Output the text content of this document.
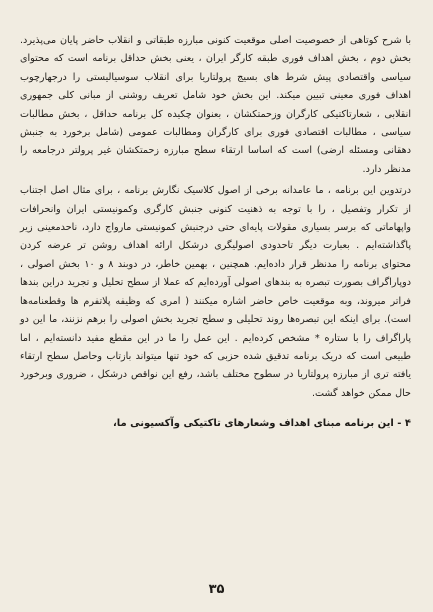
با شرح کوتاهی از خصوصیت اصلی موقعیت کنونی مبارزه طبقاتی و انقلاب حاضر پایان می‌پذیرد. بخش دوم ، بخش اهداف فوری طبقه کارگر ایران ، یعنی بخش حداقل برنامه است که محتوای سیاسی واقتصادی پیش شرط های بسیج پرولتاریا برای انقلاب سوسیالیستی را درجهارچوب اهداف فوری معینی تبیین میکند. این بخش خود شامل تعریف روشنی از مبانی کلی جمهوری انقلابی ، شعارتاکتیکی کارگران وزحمتکشان ، بعنوان چکیده کل برنامه حداقل ، بخش مطالبات سیاسی ، مطالبات اقتصادی فوری برای کارگران ومطالبات عمومی (شامل برخورد به جنبش دهقانی ومسئله ارضی) است که اساسا ارتقاء سطح مبارزه زحمتکشان غیر پرولتر درجامعه را مدنظر دارد.

درتدوین این برنامه ، ما عامدانه برخی از اصول کلاسیک نگارش برنامه ، برای مثال اصل اجتناب از تکرار وتفصیل ، را با توجه به ذهنیت کنونی جنبش کارگری وکمونیستی ایران وانحرافات واپهاماتی که برسر بسیاری مقولات پایه‌ای حتی درجنبش کمونیستی مارواج دارد، ناحدمعینی زیر پاگذاشته‌ایم . بعبارت دیگر تاحدودی اصولیگری درشکل ارائه اهداف روشن تر عرضه کردن محتوای برنامه را مدنظر قرار داده‌ایم. همچنین ، بهمین خاطر، در دوبند ۸ و ۱۰ بخش اصولی ، دوپاراگراف بصورت تبصره به بندهای اصولی آورده‌ایم که عملا از سطح تحلیل و تجرید دراین بندها فراتر میروند، وبه موقعیت خاص حاضر اشاره میکنند ( امری که وظیفه پلاتفرم ها وقطعنامه‌ها است). برای اینکه این تبصره‌ها روند تحلیلی و سطح تجرید بخش اصولی را برهم نزنند، ما این دو پاراگراف را با ستاره * مشخص کرده‌ایم . این عمل را ما در این مقطع مفید دانسته‌ایم ، اما طبیعی است که دریک برنامه تدقیق شده حزبی که خود تنها میتواند بازتاب وحاصل سطح ارتقاء یافته تری از مبارزه پرولتاریا در سطوح مختلف باشد، رفع این نواقص درشکل ، ضروری وبرخورد حال ممکن خواهد گشت.

۴ - این برنامه مبنای اهداف وشعارهای تاکتیکی وآکسیونی ما،

۳۵
